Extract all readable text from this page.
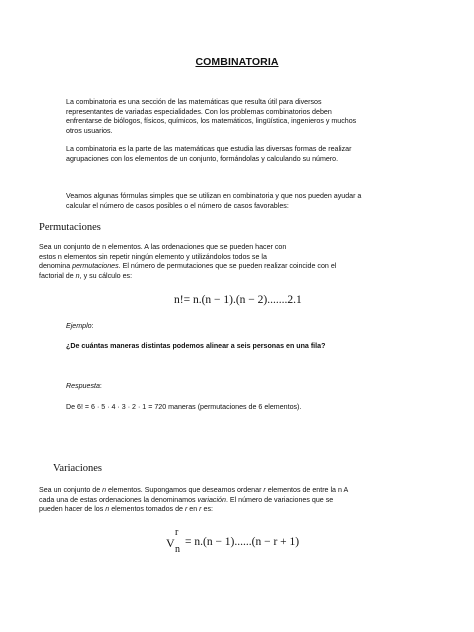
COMBINATORIA
La combinatoria es una sección de las matemáticas que resulta útil para diversos
representantes de variadas especialidades. Con los problemas combinatorios deben
enfrentarse de biólogos, físicos, químicos, los matemáticos, lingüística, ingenieros y muchos
otros usuarios.
La combinatoria es la parte de las matemáticas que estudia las diversas formas de realizar
agrupaciones con los elementos de un conjunto, formándolas y calculando su número.
Veamos algunas fórmulas simples que se utilizan en combinatoria y que nos pueden ayudar a
calcular el número de casos posibles o el número de casos favorables:
Permutaciones
Sea un conjunto de n elementos. A las ordenaciones que se pueden hacer con
estos n elementos sin repetir ningún elemento y utilizándolos todos se la
denomina permutaciones. El número de permutaciones que se pueden realizar coincide con el
factorial de n, y su cálculo es:
n!= n.(n − 1).(n − 2).......2.1
Ejemplo:
¿De cuántas maneras distintas podemos alinear a seis personas en una fila?
Respuesta:
De 6! = 6 · 5 · 4 · 3 · 2 · 1 = 720 maneras (permutaciones de 6 elementos).
Variaciones
Sea un conjunto de n elementos. Supongamos que deseamos ordenar r elementos de entre la n A
cada una de estas ordenaciones la denominamos variación. El número de variaciones que se
pueden hacer de los n elementos tomados de r en r es:
V
r
n
= n.(n − 1)......(n − r + 1)
